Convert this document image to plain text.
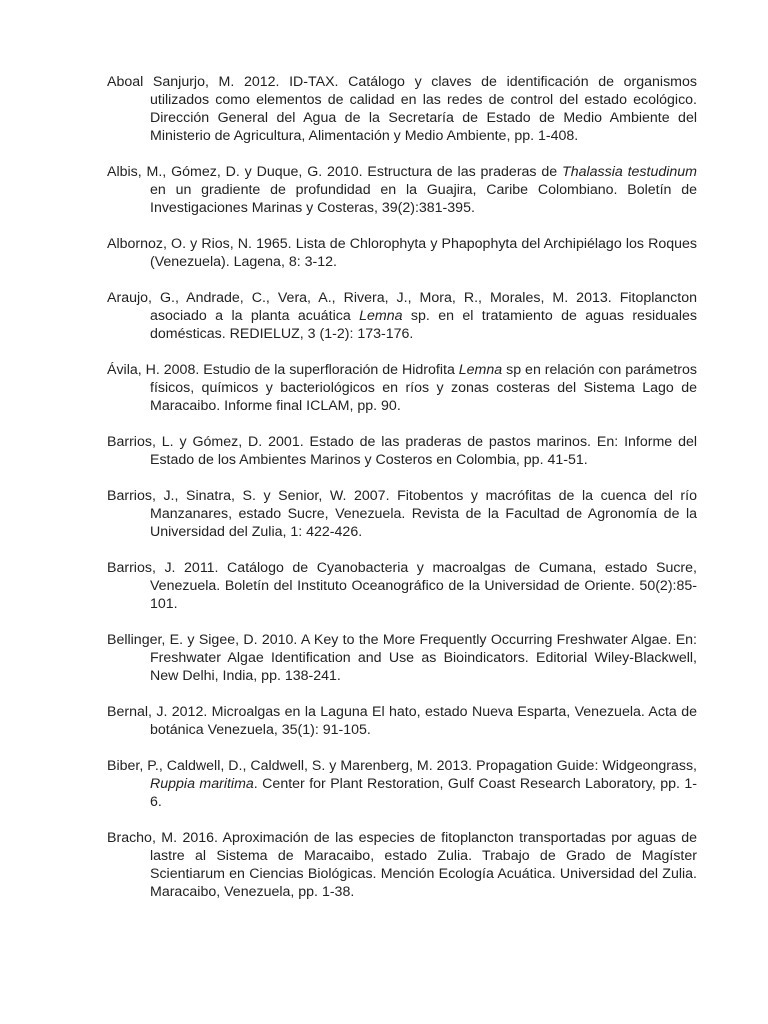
Aboal Sanjurjo, M. 2012. ID-TAX. Catálogo y claves de identificación de organismos utilizados como elementos de calidad en las redes de control del estado ecológico. Dirección General del Agua de la Secretaría de Estado de Medio Ambiente del Ministerio de Agricultura, Alimentación y Medio Ambiente, pp. 1-408.

Albis, M., Gómez, D. y Duque, G. 2010. Estructura de las praderas de Thalassia testudinum en un gradiente de profundidad en la Guajira, Caribe Colombiano. Boletín de Investigaciones Marinas y Costeras, 39(2):381-395.

Albornoz, O. y Rios, N. 1965. Lista de Chlorophyta y Phapophyta del Archipiélago los Roques (Venezuela). Lagena, 8: 3-12.

Araujo, G., Andrade, C., Vera, A., Rivera, J., Mora, R., Morales, M. 2013. Fitoplancton asociado a la planta acuática Lemna sp. en el tratamiento de aguas residuales domésticas. REDIELUZ, 3 (1-2): 173-176.

Ávila, H. 2008. Estudio de la superfloración de Hidrofita Lemna sp en relación con parámetros físicos, químicos y bacteriológicos en ríos y zonas costeras del Sistema Lago de Maracaibo. Informe final ICLAM, pp. 90.

Barrios, L. y Gómez, D. 2001. Estado de las praderas de pastos marinos. En: Informe del Estado de los Ambientes Marinos y Costeros en Colombia, pp. 41-51.

Barrios, J., Sinatra, S. y Senior, W. 2007. Fitobentos y macrófitas de la cuenca del río Manzanares, estado Sucre, Venezuela. Revista de la Facultad de Agronomía de la Universidad del Zulia, 1: 422-426.

Barrios, J. 2011. Catálogo de Cyanobacteria y macroalgas de Cumana, estado Sucre, Venezuela. Boletín del Instituto Oceanográfico de la Universidad de Oriente. 50(2):85-101.

Bellinger, E. y Sigee, D. 2010. A Key to the More Frequently Occurring Freshwater Algae. En: Freshwater Algae Identification and Use as Bioindicators. Editorial Wiley-Blackwell, New Delhi, India, pp. 138-241.

Bernal, J. 2012. Microalgas en la Laguna El hato, estado Nueva Esparta, Venezuela. Acta de botánica Venezuela, 35(1): 91-105.

Biber, P., Caldwell, D., Caldwell, S. y Marenberg, M. 2013. Propagation Guide: Widgeongrass, Ruppia maritima. Center for Plant Restoration, Gulf Coast Research Laboratory, pp. 1-6.

Bracho, M. 2016. Aproximación de las especies de fitoplancton transportadas por aguas de lastre al Sistema de Maracaibo, estado Zulia. Trabajo de Grado de Magíster Scientiarum en Ciencias Biológicas. Mención Ecología Acuática. Universidad del Zulia. Maracaibo, Venezuela, pp. 1-38.
